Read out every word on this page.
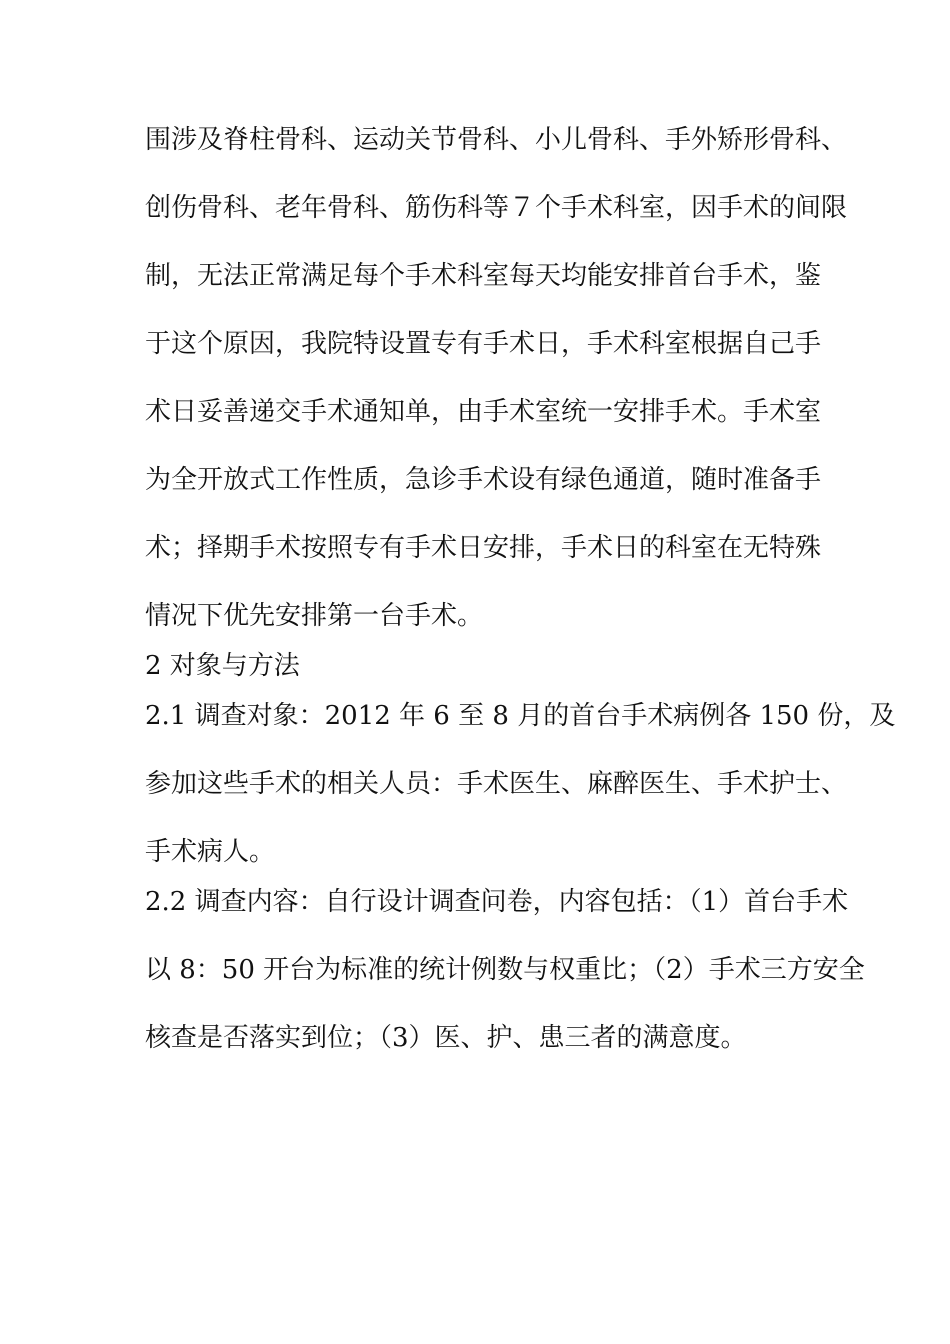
围涉及脊柱骨科、运动关节骨科、小儿骨科、手外矫形骨科、
创伤骨科、老年骨科、筋伤科等７个手术科室，因手术的间限
制，无法正常满足每个手术科室每天均能安排首台手术，鉴
于这个原因，我院特设置专有手术日，手术科室根据自己手
术日妥善递交手术通知单，由手术室统一安排手术。手术室
为全开放式工作性质，急诊手术设有绿色通道，随时准备手
术；择期手术按照专有手术日安排，手术日的科室在无特殊
情况下优先安排第一台手术。
2 对象与方法
2.1 调查对象：2012 年 6 至 8 月的首台手术病例各 150 份，及
参加这些手术的相关人员：手术医生、麻醉医生、手术护士、
手术病人。
2.2 调查内容：自行设计调查问卷，内容包括：（1）首台手术
以 8：50 开台为标准的统计例数与权重比；（2）手术三方安全
核查是否落实到位；（3）医、护、患三者的满意度。
